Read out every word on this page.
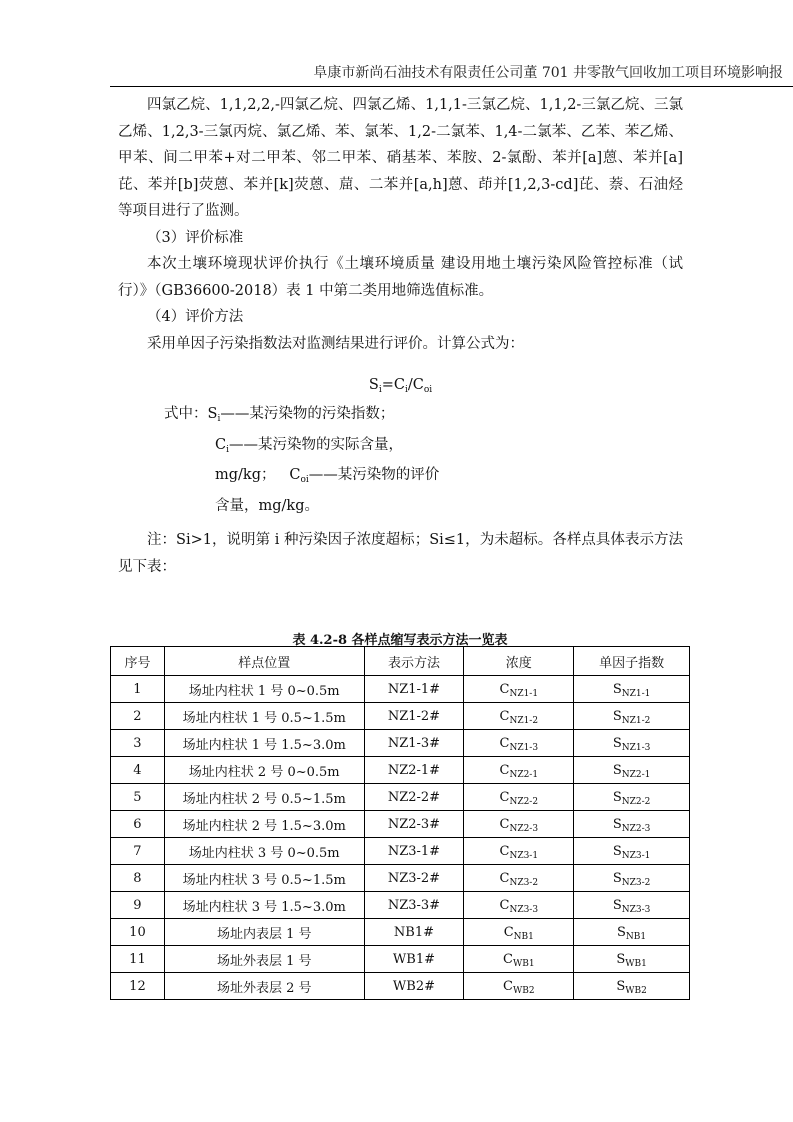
阜康市新尚石油技术有限责任公司董 701 井零散气回收加工项目环境影响报

四氯乙烷、1,1,2,2,-四氯乙烷、四氯乙烯、1,1,1-三氯乙烷、1,1,2-三氯乙烷、三氯乙烯、1,2,3-三氯丙烷、氯乙烯、苯、氯苯、1,2-二氯苯、1,4-二氯苯、乙苯、苯乙烯、甲苯、间二甲苯+对二甲苯、邻二甲苯、硝基苯、苯胺、2-氯酚、苯并[a]蒽、苯并[a]芘、苯并[b]荧蒽、苯并[k]荧蒽、䓛、二苯并[a,h]蒽、茚并[1,2,3-cd]芘、萘、石油烃等项目进行了监测。

（3）评价标准

本次土壤环境现状评价执行《土壤环境质量 建设用地土壤污染风险管控标准（试行）》（GB36600-2018）表 1 中第二类用地筛选值标准。

（4）评价方法

采用单因子污染指数法对监测结果进行评价。计算公式为：

$S_i=C_i/C_{oi}$
式中：$S_i——$某污染物的污染指数；
$C_i——$某污染物的实际含量，
mg/kg； $C_{oi}——$某污染物的评价
含量，mg/kg。

注：Si>1，说明第 i 种污染因子浓度超标；Si≤1，为未超标。各样点具体表示方法见下表：

表 4.2-8 各样点缩写表示方法一览表
序号	样点位置	表示方法	浓度	单因子指数
1	场址内柱状 1 号 0~0.5m	NZ1-1#	$C_{NZ1-1}$	$S_{NZ1-1}$
2	场址内柱状 1 号 0.5~1.5m	NZ1-2#	$C_{NZ1-2}$	$S_{NZ1-2}$
3	场址内柱状 1 号 1.5~3.0m	NZ1-3#	$C_{NZ1-3}$	$S_{NZ1-3}$
4	场址内柱状 2 号 0~0.5m	NZ2-1#	$C_{NZ2-1}$	$S_{NZ2-1}$
5	场址内柱状 2 号 0.5~1.5m	NZ2-2#	$C_{NZ2-2}$	$S_{NZ2-2}$
6	场址内柱状 2 号 1.5~3.0m	NZ2-3#	$C_{NZ2-3}$	$S_{NZ2-3}$
7	场址内柱状 3 号 0~0.5m	NZ3-1#	$C_{NZ3-1}$	$S_{NZ3-1}$
8	场址内柱状 3 号 0.5~1.5m	NZ3-2#	$C_{NZ3-2}$	$S_{NZ3-2}$
9	场址内柱状 3 号 1.5~3.0m	NZ3-3#	$C_{NZ3-3}$	$S_{NZ3-3}$
10	场址内表层 1 号	NB1#	$C_{NB1}$	$S_{NB1}$
11	场址外表层 1 号	WB1#	$C_{WB1}$	$S_{WB1}$
12	场址外表层 2 号	WB2#	$C_{WB2}$	$S_{WB2}$
